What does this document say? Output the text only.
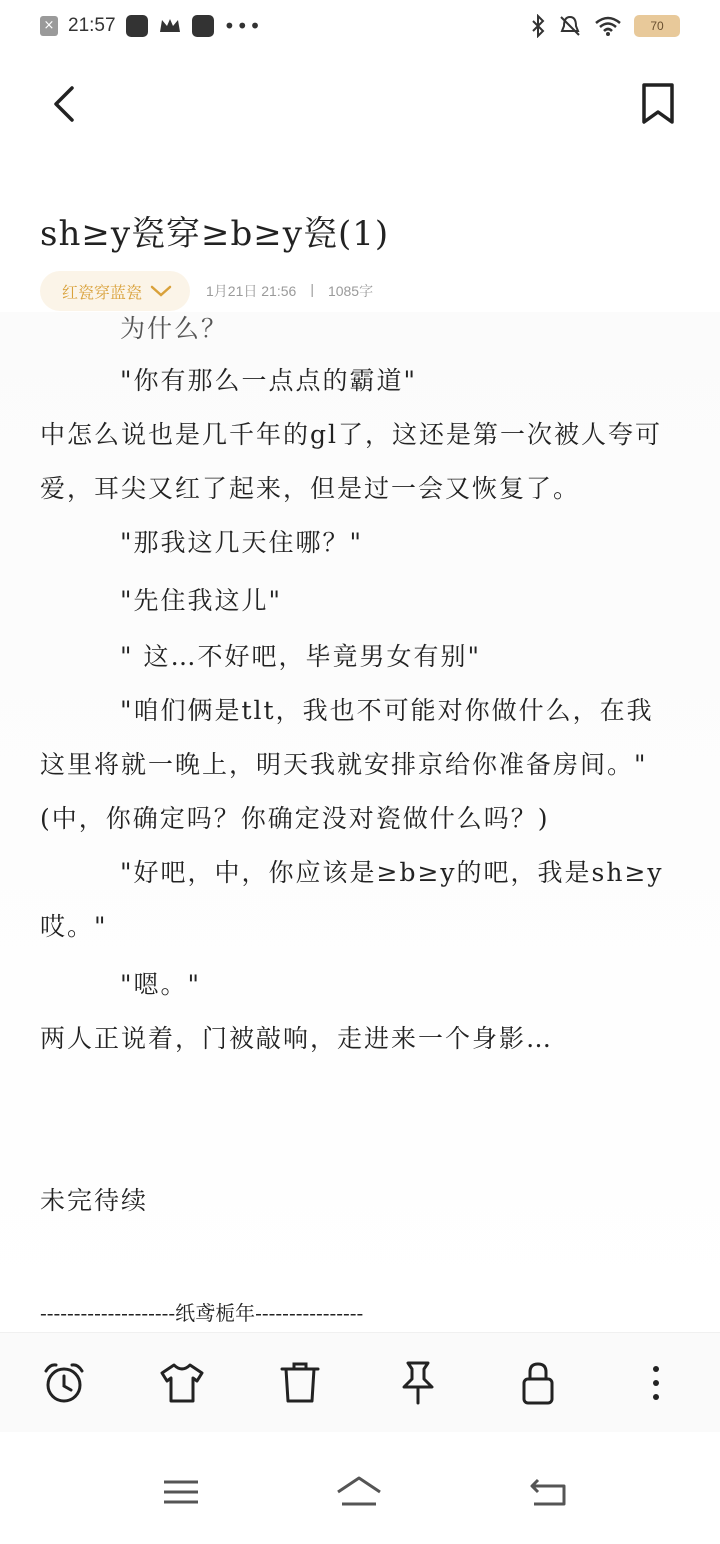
× 21:57	•••	70
sh≥y瓷穿≥b≥y瓷(1)
红瓷穿蓝瓷	1月21日 21:56 | 1085字
为什么？
"你有那么一点点的霸道"
中怎么说也是几千年的gl了，这还是第一次被人夸可爱，耳尖又红了起来，但是过一会又恢复了。
"那我这几天住哪？"
"先住我这儿"
" 这…不好吧，毕竟男女有别"
"咱们俩是tlt，我也不可能对你做什么，在我这里将就一晚上，明天我就安排京给你准备房间。"(中，你确定吗？你确定没对瓷做什么吗？)
"好吧，中，你应该是≥b≥y的吧，我是sh≥y哎。"
"嗯。"
两人正说着，门被敲响，走进来一个身影…
未完待续
--------------------纸鸢栀年----------------
